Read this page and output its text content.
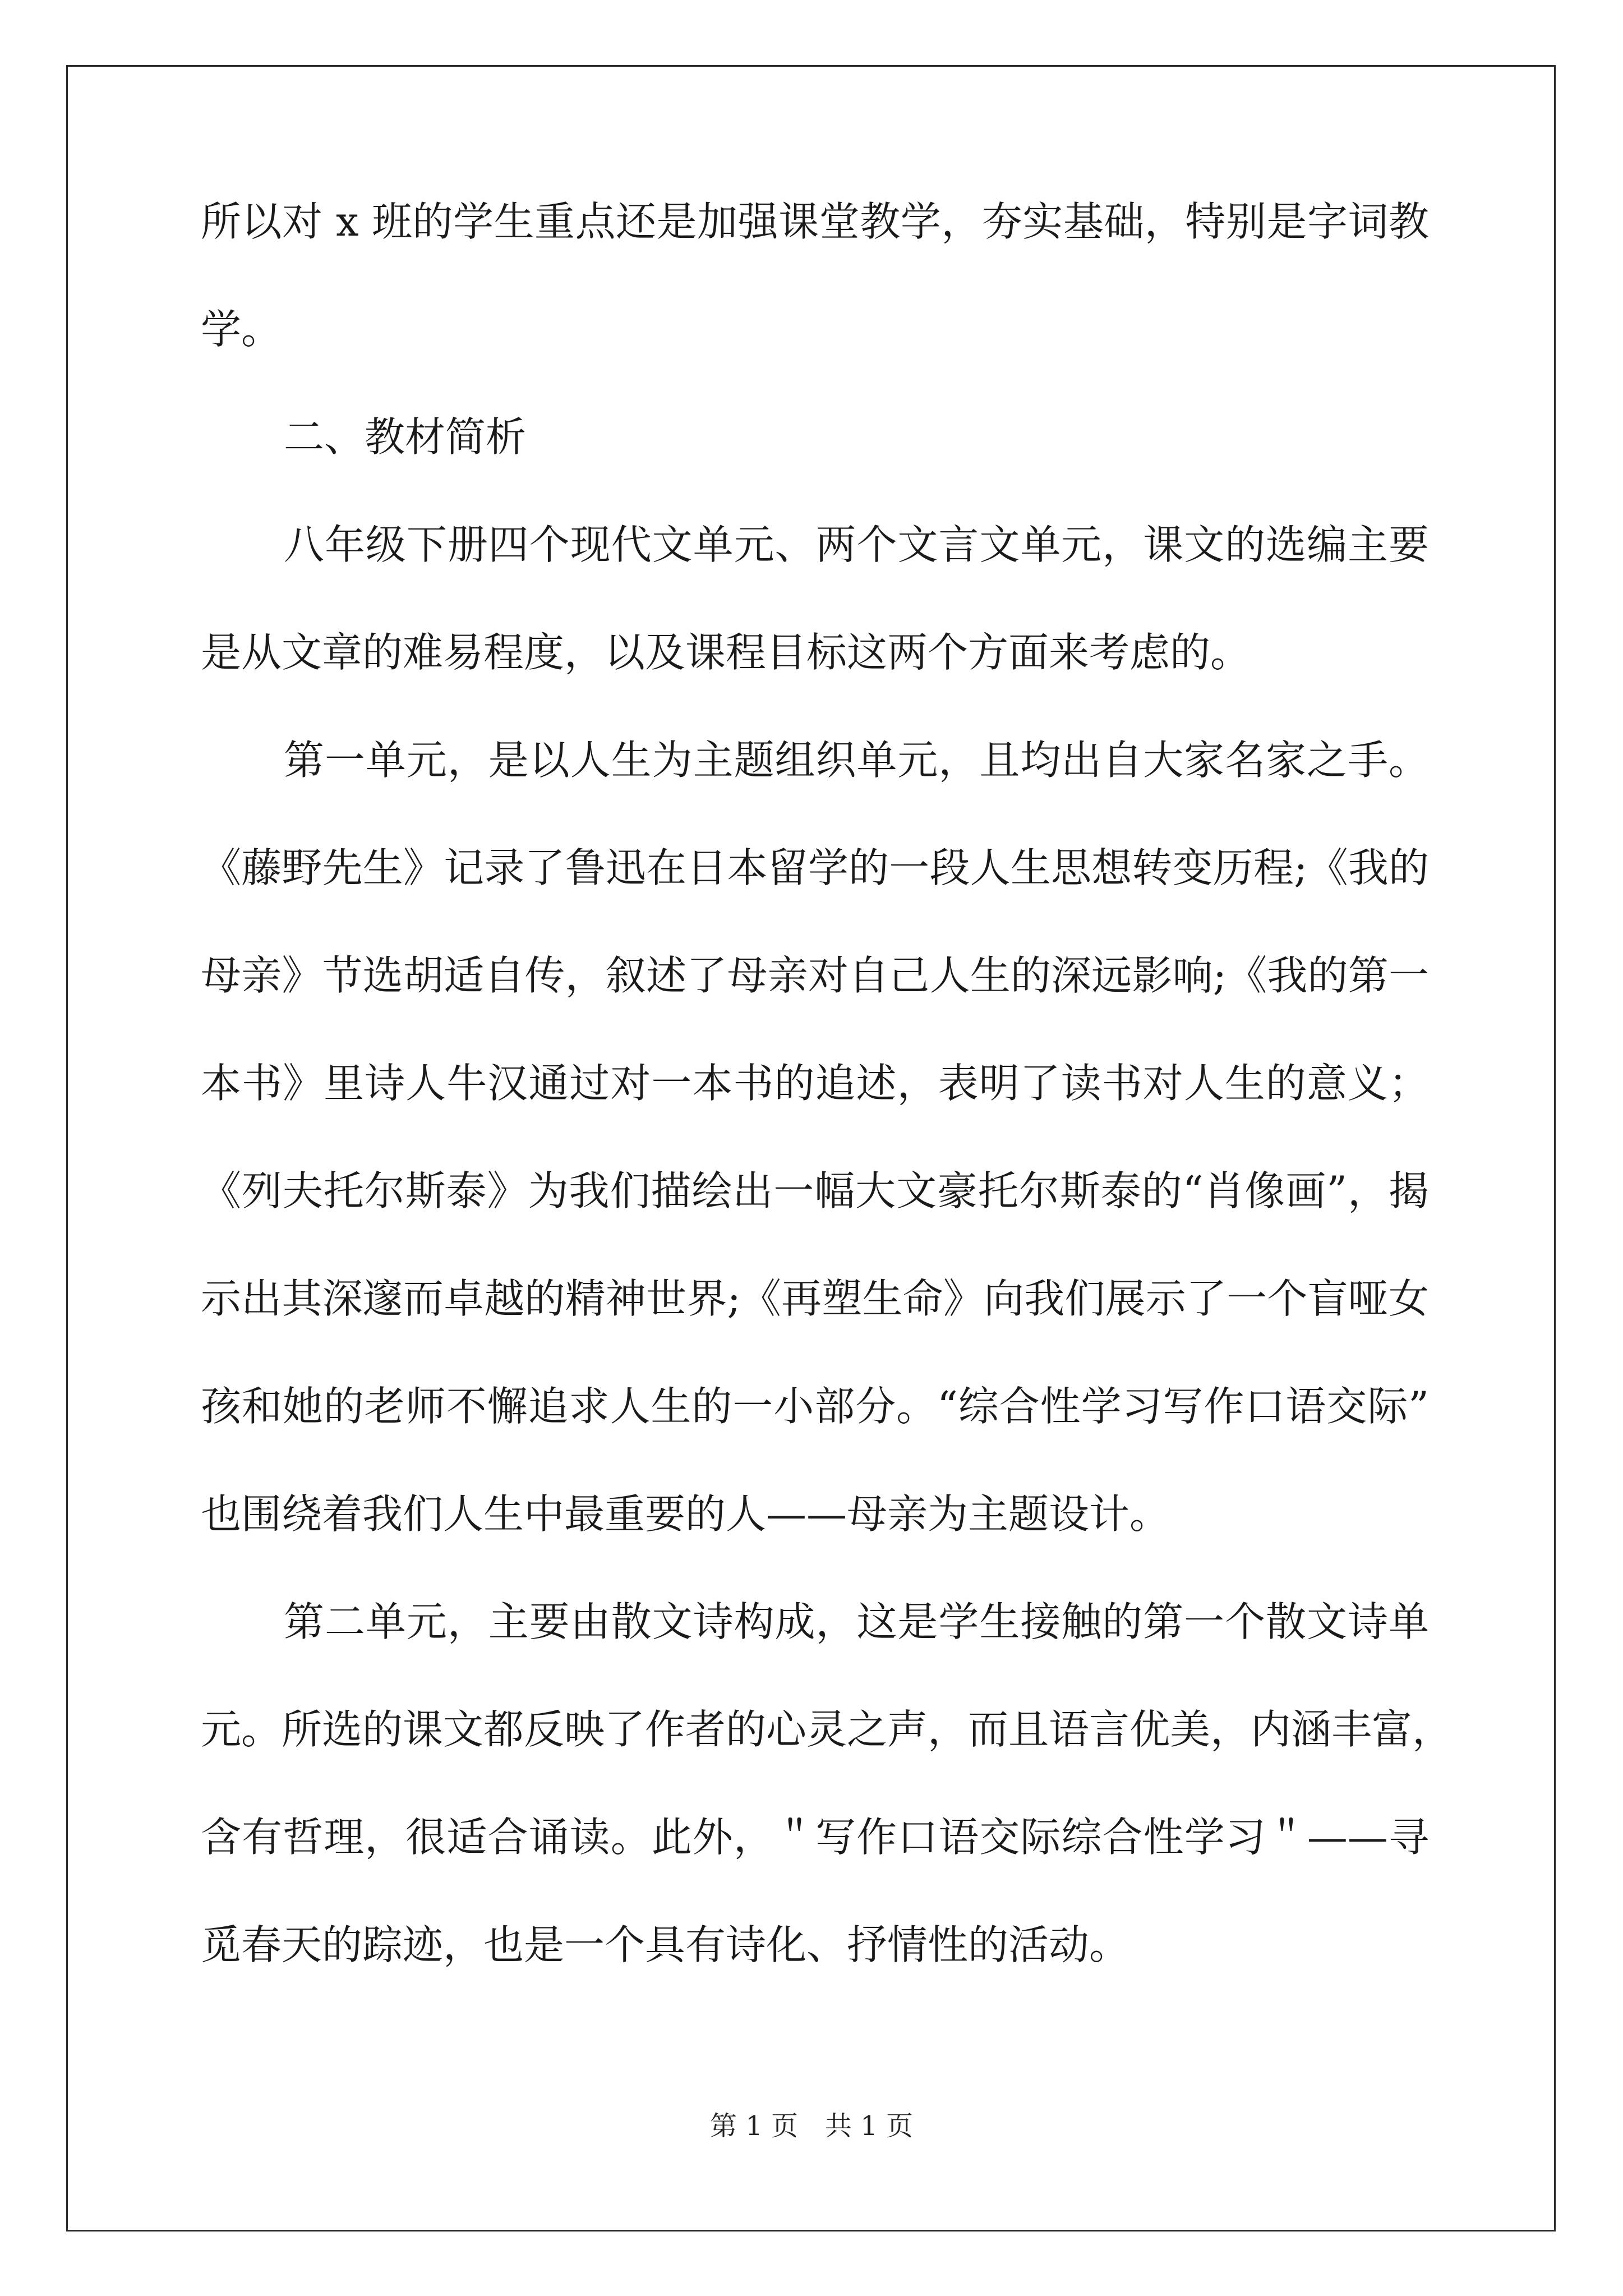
所以对 x 班的学生重点还是加强课堂教学，夯实基础，特别是字词教
学。
二、教材简析
八年级下册四个现代文单元、两个文言文单元，课文的选编主要
是从文章的难易程度，以及课程目标这两个方面来考虑的。
第一单元，是以人生为主题组织单元，且均出自大家名家之手。
《藤野先生》记录了鲁迅在日本留学的一段人生思想转变历程;《我的
母亲》节选胡适自传，叙述了母亲对自己人生的深远影响;《我的第一
本书》里诗人牛汉通过对一本书的追述，表明了读书对人生的意义；
《列夫托尔斯泰》为我们描绘出一幅大文豪托尔斯泰的“肖像画”，揭
示出其深邃而卓越的精神世界;《再塑生命》向我们展示了一个盲哑女
孩和她的老师不懈追求人生的一小部分。“综合性学习写作口语交际”
也围绕着我们人生中最重要的人——母亲为主题设计。
第二单元，主要由散文诗构成，这是学生接触的第一个散文诗单
元。所选的课文都反映了作者的心灵之声，而且语言优美，内涵丰富，
含有哲理，很适合诵读。此外，＂写作口语交际综合性学习＂——寻
觅春天的踪迹，也是一个具有诗化、抒情性的活动。
第 1 页　共 1 页
